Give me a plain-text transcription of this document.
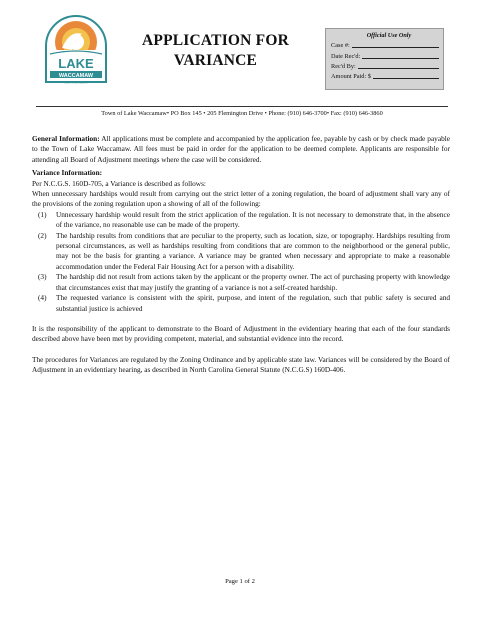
LAKE
WACCAMAW
NORTH CAROLINA
APPLICATION FOR
VARIANCE
Official Use Only
Case #:
Date Rec'd:
Rec'd By:
Amount Paid: $
Town of Lake Waccamaw• PO Box 145 • 205 Flemington Drive • Phone: (910) 646-3700• Fax: (910) 646-3860

General Information: All applications must be complete and accompanied by the application fee, payable by cash or by check made payable to the Town of Lake Waccamaw. All fees must be paid in order for the application to be deemed complete. Applicants are responsible for attending all Board of Adjustment meetings where the case will be considered.

Variance Information:

Per N.C.G.S. 160D-705, a Variance is described as follows:

When unnecessary hardships would result from carrying out the strict letter of a zoning regulation, the board of adjustment shall vary any of the provisions of the zoning regulation upon a showing of all of the following:

(1)	Unnecessary hardship would result from the strict application of the regulation. It is not necessary to demonstrate that, in the absence of the variance, no reasonable use can be made of the property.
(2)	The hardship results from conditions that are peculiar to the property, such as location, size, or topography. Hardships resulting from personal circumstances, as well as hardships resulting from conditions that are common to the neighborhood or the general public, may not be the basis for granting a variance. A variance may be granted when necessary and appropriate to make a reasonable accommodation under the Federal Fair Housing Act for a person with a disability.
(3)	The hardship did not result from actions taken by the applicant or the property owner. The act of purchasing property with knowledge that circumstances exist that may justify the granting of a variance is not a self-created hardship.
(4)	The requested variance is consistent with the spirit, purpose, and intent of the regulation, such that public safety is secured and substantial justice is achieved

It is the responsibility of the applicant to demonstrate to the Board of Adjustment in the evidentiary hearing that each of the four standards described above have been met by providing competent, material, and substantial evidence into the record.

The procedures for Variances are regulated by the Zoning Ordinance and by applicable state law. Variances will be considered by the Board of Adjustment in an evidentiary hearing, as described in North Carolina General Statute (N.C.G.S) 160D-406.

Page 1 of 2
